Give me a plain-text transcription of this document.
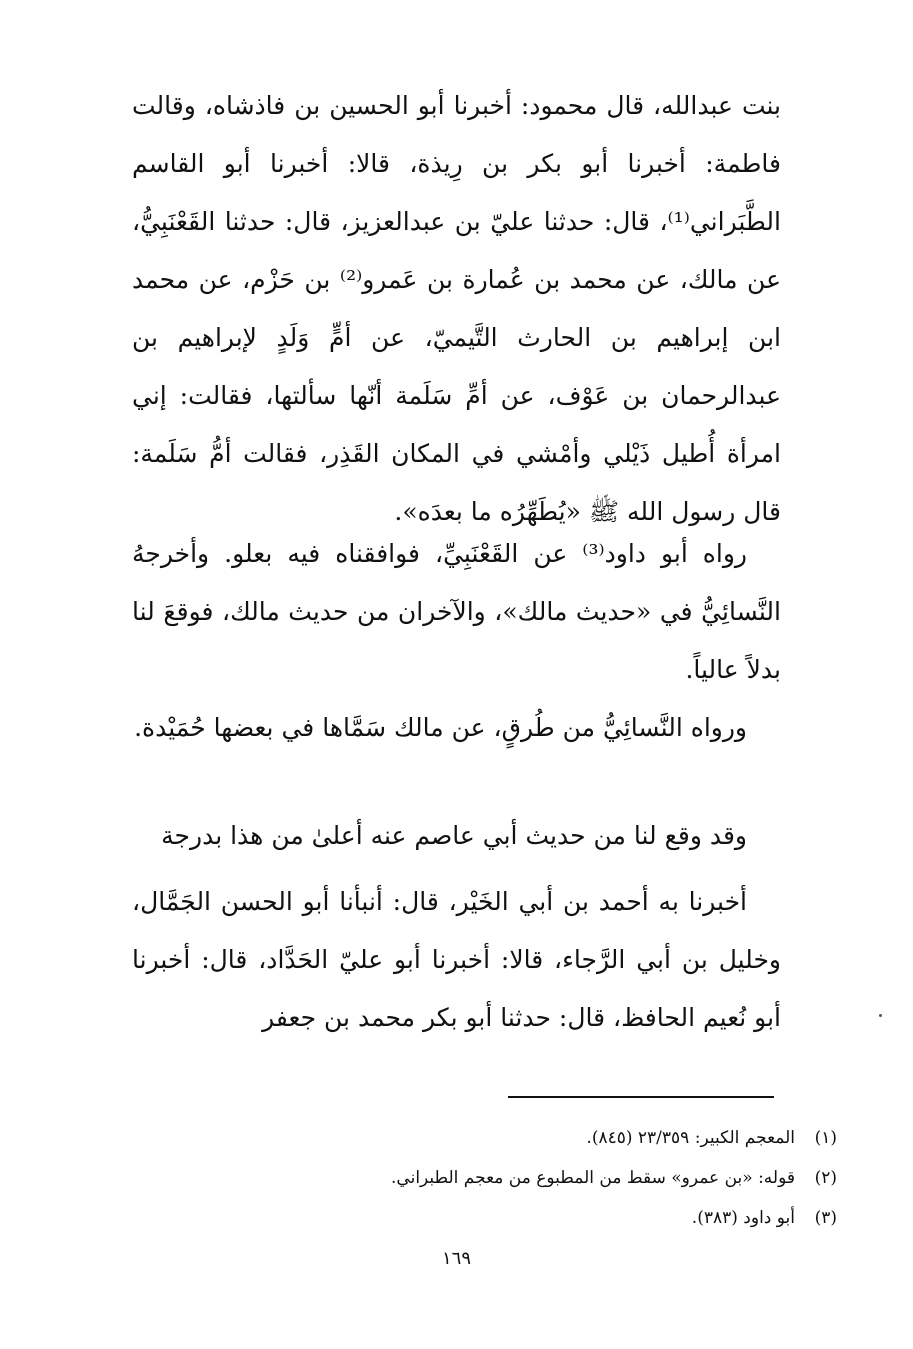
بنت عبدالله، قال محمود: أخبرنا أبو الحسين بن فاذشاه، وقالت فاطمة: أخبرنا أبو بكر بن رِيذة، قالا: أخبرنا أبو القاسم الطَّبَراني⁽¹⁾، قال: حدثنا عليّ بن عبدالعزيز، قال: حدثنا القَعْنَبِيُّ، عن مالك، عن محمد بن عُمارة بن عَمرو⁽²⁾ بن حَزْم، عن محمد ابن إبراهيم بن الحارث التَّيميّ، عن أمٍّ وَلَدٍ لإبراهيم بن عبدالرحمان بن عَوْف، عن أمِّ سَلَمة أنّها سألتها، فقالت: إني امرأة أُطيل ذَيْلي وأمْشي في المكان القَذِر، فقالت أمُّ سَلَمة: قال رسول الله ﷺ «يُطَهِّرُه ما بعدَه».

رواه أبو داود⁽³⁾ عن القَعْنَبِيِّ، فوافقناه فيه بعلو. وأخرجهُ النَّسائِيُّ في «حديث مالك»، والآخران من حديث مالك، فوقعَ لنا بدلاً عالياً.

ورواه النَّسائِيُّ من طُرقٍ، عن مالك سَمَّاها في بعضها حُمَيْدة.

وقد وقع لنا من حديث أبي عاصم عنه أعلىٰ من هذا بدرجة

أخبرنا به أحمد بن أبي الخَيْر، قال: أنبأنا أبو الحسن الجَمَّال، وخليل بن أبي الرَّجاء، قالا: أخبرنا أبو عليّ الحَدَّاد، قال: أخبرنا أبو نُعيم الحافظ، قال: حدثنا أبو بكر محمد بن جعفر

(١)
المعجم الكبير: ٢٣/٣٥٩ (٨٤٥).
(٢)
قوله: «بن عمرو» سقط من المطبوع من معجم الطبراني.
(٣)
أبو داود (٣٨٣).
١٦٩
